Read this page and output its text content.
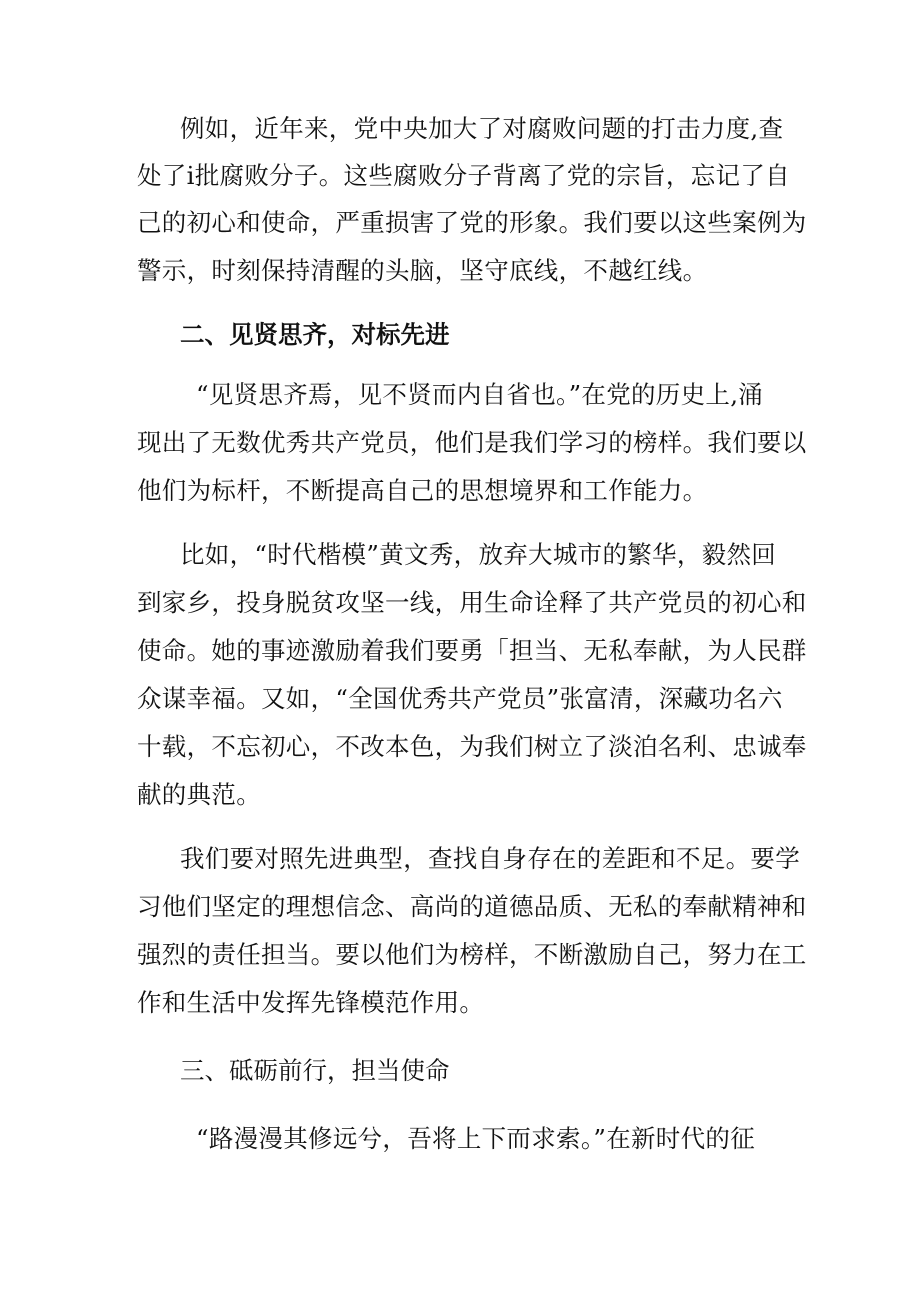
例如，近年来，党中央加大了对腐败问题的打击力度,查
处了i批腐败分子。这些腐败分子背离了党的宗旨，忘记了自
己的初心和使命，严重损害了党的形象。我们要以这些案例为
警示，时刻保持清醒的头脑，坚守底线，不越红线。
二、见贤思齐，对标先进
“见贤思齐焉，见不贤而内自省也。”在党的历史上,涌
现出了无数优秀共产党员，他们是我们学习的榜样。我们要以
他们为标杆，不断提高自己的思想境界和工作能力。
比如，“时代楷模”黄文秀，放弃大城市的繁华，毅然回
到家乡，投身脱贫攻坚一线，用生命诠释了共产党员的初心和
使命。她的事迹激励着我们要勇「担当、无私奉献，为人民群
众谋幸福。又如，“全国优秀共产党员”张富清，深藏功名六
十载，不忘初心，不改本色，为我们树立了淡泊名利、忠诚奉
献的典范。
我们要对照先进典型，查找自身存在的差距和不足。要学
习他们坚定的理想信念、高尚的道德品质、无私的奉献精神和
强烈的责任担当。要以他们为榜样，不断激励自己，努力在工
作和生活中发挥先锋模范作用。
三、砥砺前行，担当使命
“路漫漫其修远兮，吾将上下而求索。”在新时代的征
